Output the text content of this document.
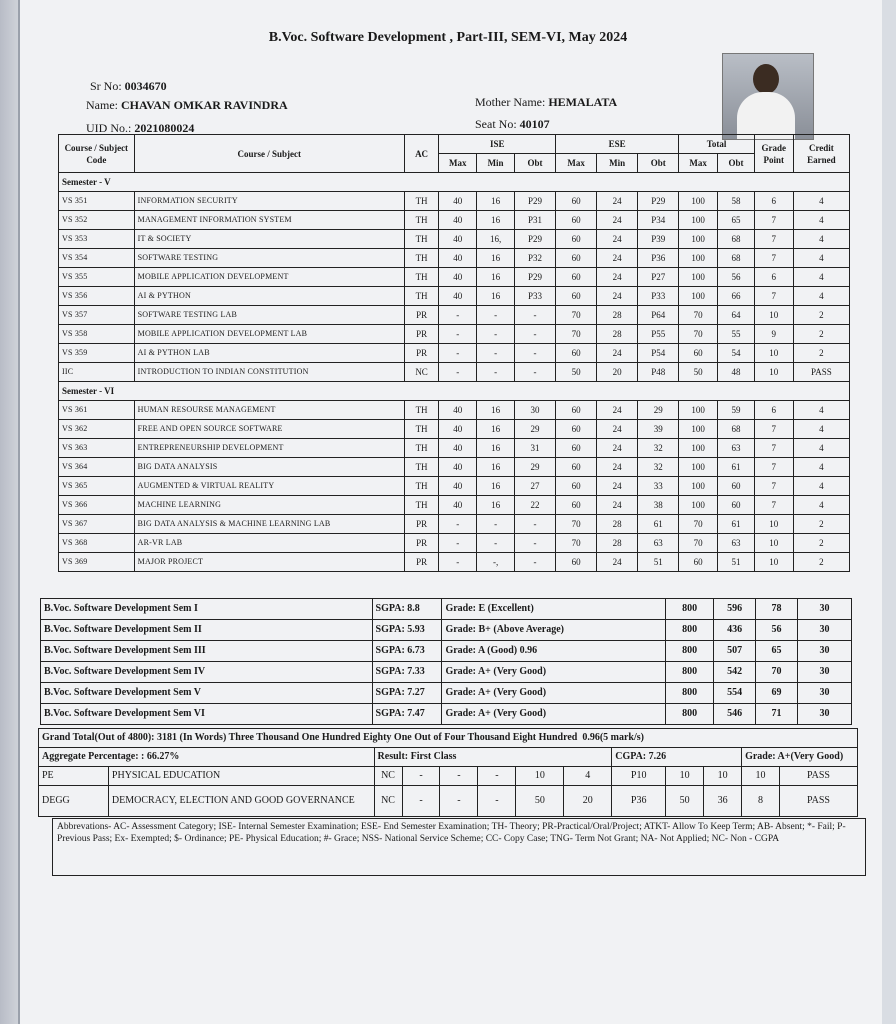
B.Voc. Software Development , Part-III, SEM-VI, May 2024
Sr No: 0034670
Name: CHAVAN OMKAR RAVINDRA
UID No.: 2021080024
Mother Name: HEMALATA
Seat No: 40107
Course / Subject Code	Course / Subject	AC	ISE			ESE			Total		Grade Point	Credit Earned
			Max	Min	Obt	Max	Min	Obt	Max	Obt		
Semester - V												
VS 351	INFORMATION SECURITY	TH	40	16	P29	60	24	P29	100	58	6	4
VS 352	MANAGEMENT INFORMATION SYSTEM	TH	40	16	P31	60	24	P34	100	65	7	4
VS 353	IT & SOCIETY	TH	40	16,	P29	60	24	P39	100	68	7	4
VS 354	SOFTWARE TESTING	TH	40	16	P32	60	24	P36	100	68	7	4
VS 355	MOBILE APPLICATION DEVELOPMENT	TH	40	16	P29	60	24	P27	100	56	6	4
VS 356	AI & PYTHON	TH	40	16	P33	60	24	P33	100	66	7	4
VS 357	SOFTWARE TESTING LAB	PR	-	-	-	70	28	P64	70	64	10	2
VS 358	MOBILE APPLICATION DEVELOPMENT LAB	PR	-	-	-	70	28	P55	70	55	9	2
VS 359	AI & PYTHON LAB	PR	-	-	-	60	24	P54	60	54	10	2
IIC	INTRODUCTION TO INDIAN CONSTITUTION	NC	-	-	-	50	20	P48	50	48	10	PASS
Semester - VI												
VS 361	HUMAN RESOURSE MANAGEMENT	TH	40	16	30	60	24	29	100	59	6	4
VS 362	FREE AND OPEN SOURCE SOFTWARE	TH	40	16	29	60	24	39	100	68	7	4
VS 363	ENTREPRENEURSHIP DEVELOPMENT	TH	40	16	31	60	24	32	100	63	7	4
VS 364	BIG DATA ANALYSIS	TH	40	16	29	60	24	32	100	61	7	4
VS 365	AUGMENTED & VIRTUAL REALITY	TH	40	16	27	60	24	33	100	60	7	4
VS 366	MACHINE LEARNING	TH	40	16	22	60	24	38	100	60	7	4
VS 367	BIG DATA ANALYSIS & MACHINE LEARNING LAB	PR	-	-	-	70	28	61	70	61	10	2
VS 368	AR-VR LAB	PR	-	-	-	70	28	63	70	63	10	2
VS 369	MAJOR PROJECT	PR	-	-,	-	60	24	51	60	51	10	2
B.Voc. Software Development Sem I	SGPA: 8.8	Grade: E (Excellent)	800	596	78	30
B.Voc. Software Development Sem II	SGPA: 5.93	Grade: B+ (Above Average)	800	436	56	30
B.Voc. Software Development Sem III	SGPA: 6.73	Grade: A (Good) 0.96	800	507	65	30
B.Voc. Software Development Sem IV	SGPA: 7.33	Grade: A+ (Very Good)	800	542	70	30
B.Voc. Software Development Sem V	SGPA: 7.27	Grade: A+ (Very Good)	800	554	69	30
B.Voc. Software Development Sem VI	SGPA: 7.47	Grade: A+ (Very Good)	800	546	71	30
Grand Total(Out of 4800): 3181 (In Words) Three Thousand One Hundred Eighty One Out of Four Thousand Eight Hundred 0.96(5 mark/s)												
Aggregate Percentage: : 66.27%		Result: First Class						CGPA: 7.26			Grade: A+(Very Good)	
PE	PHYSICAL EDUCATION	NC	-	-	-	10	4	P10	10	10	10	PASS
DEGG	DEMOCRACY, ELECTION AND GOOD GOVERNANCE	NC	-	-	-	50	20	P36	50	36	8	PASS
Abbrevations- AC- Assessment Category; ISE- Internal Semester Examination; ESE- End Semester Examination; TH- Theory; PR-Practical/Oral/Project; ATKT- Allow To Keep Term; AB- Absent; *- Fail; P- Previous Pass; Ex- Exempted; $- Ordinance; PE- Physical Education; #- Grace; NSS- National Service Scheme; CC- Copy Case; TNG- Term Not Grant; NA- Not Applied; NC- Non - CGPA
